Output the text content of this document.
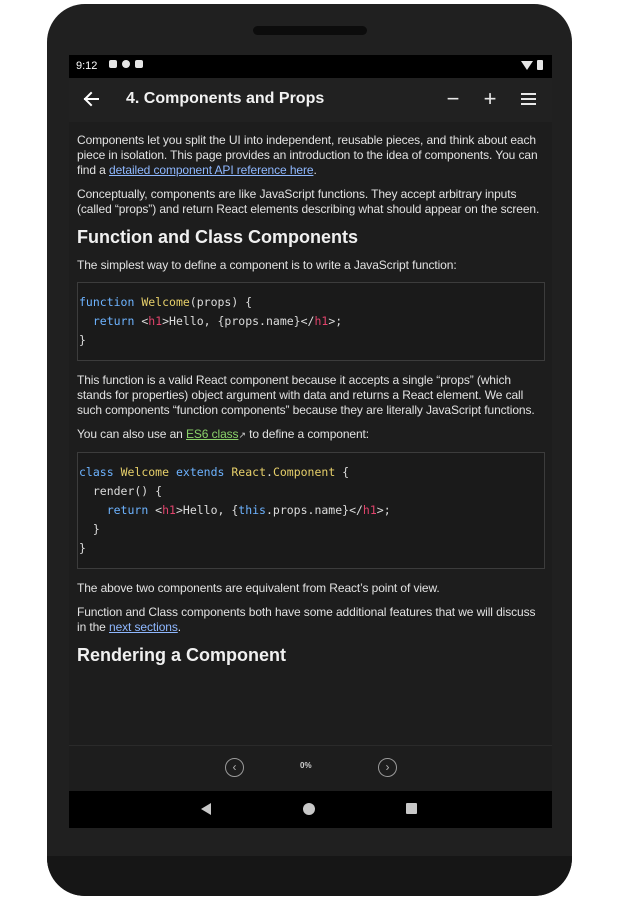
9:12
4. Components and Props	− +

Components let you split the UI into independent, reusable pieces, and think about each piece in isolation. This page provides an introduction to the idea of components. You can find a detailed component API reference here.

Conceptually, components are like JavaScript functions. They accept arbitrary inputs (called “props”) and return React elements describing what should appear on the screen.

Function and Class Components

The simplest way to define a component is to write a JavaScript function:

function Welcome(props) {
return <h1>Hello, {props.name}</h1>;
}

This function is a valid React component because it accepts a single “props” (which stands for properties) object argument with data and returns a React element. We call such components “function components” because they are literally JavaScript functions.

You can also use an ES6 class↗ to define a component:

class Welcome extends React.Component {
render() {
return <h1>Hello, {this.props.name}</h1>;
}
}

The above two components are equivalent from React’s point of view.

Function and Class components both have some additional features that we will discuss in the next sections.

Rendering a Component
‹	0%	›
